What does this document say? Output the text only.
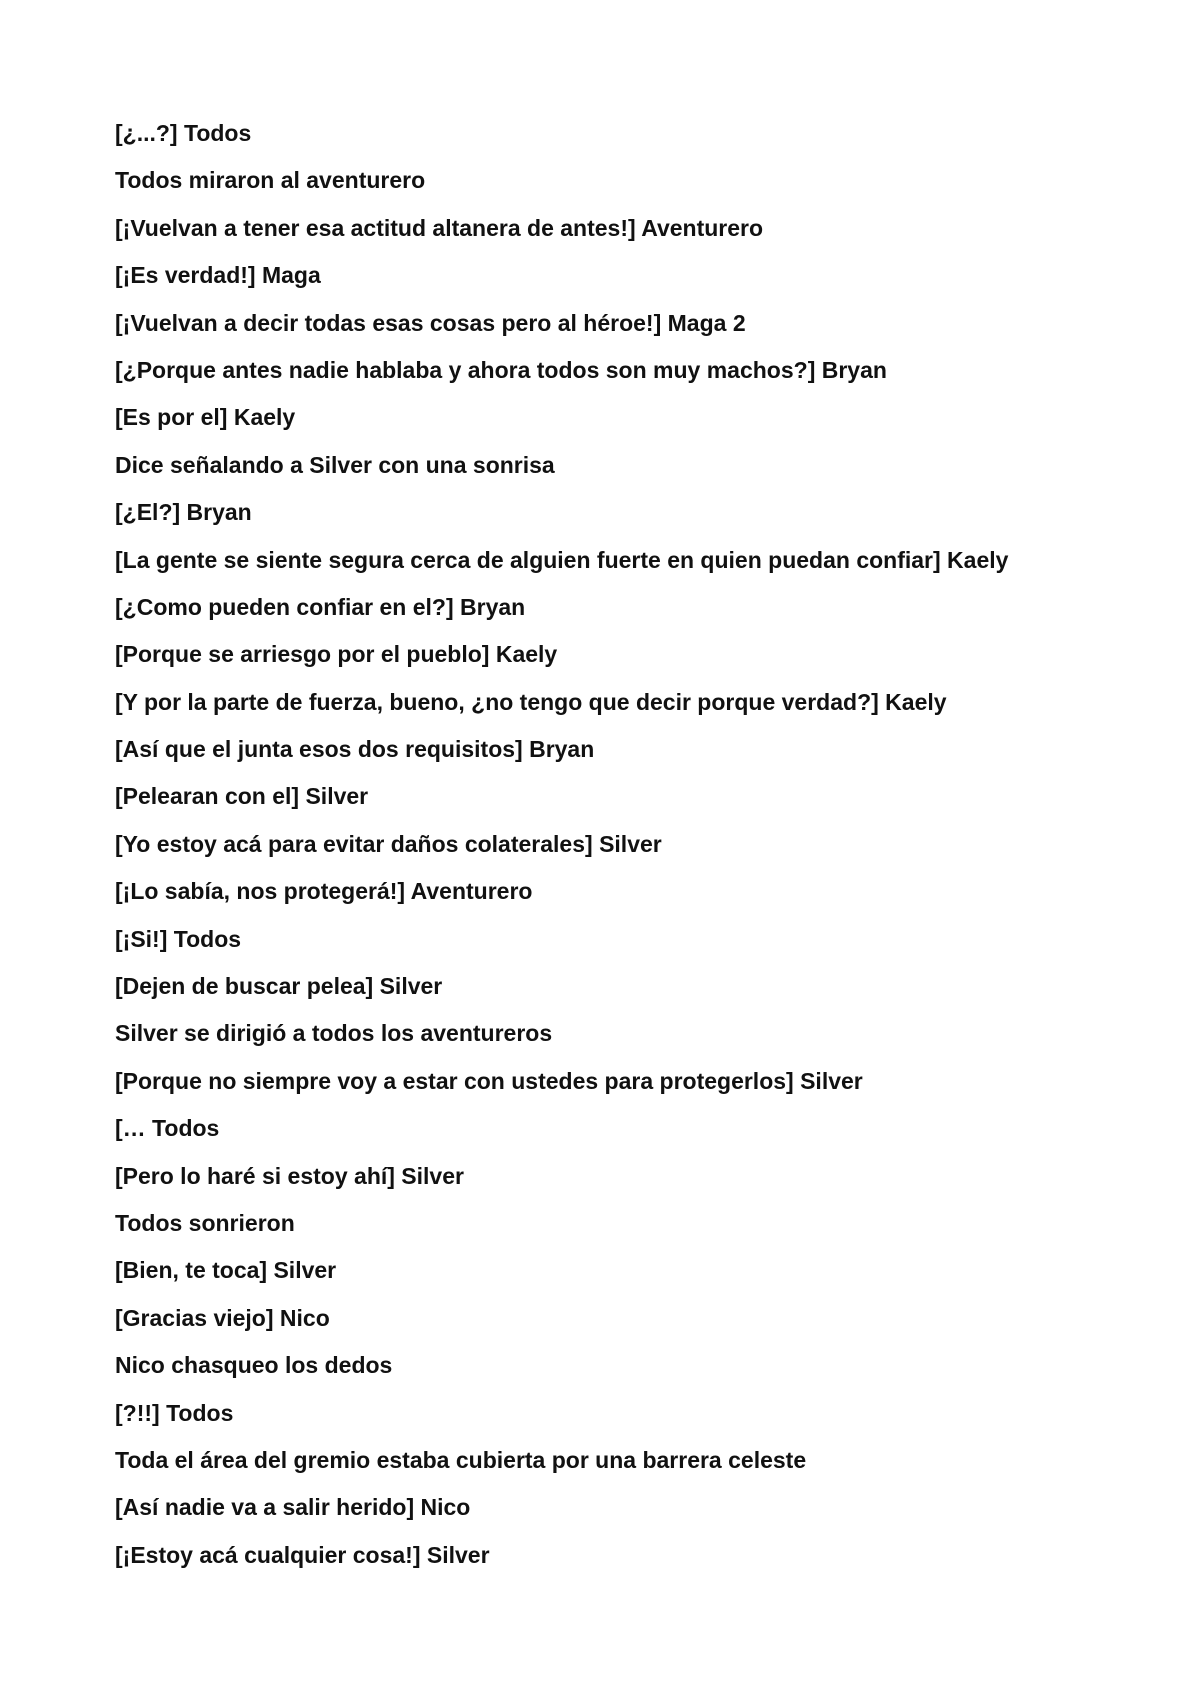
[¿...?] Todos
Todos miraron al aventurero
[¡Vuelvan a tener esa actitud altanera de antes!] Aventurero
[¡Es verdad!] Maga
[¡Vuelvan a decir todas esas cosas pero al héroe!] Maga 2
[¿Porque antes nadie hablaba y ahora todos son muy machos?] Bryan
[Es por el] Kaely
Dice señalando a Silver con una sonrisa
[¿El?] Bryan
[La gente se siente segura cerca de alguien fuerte en quien puedan confiar] Kaely
[¿Como pueden confiar en el?] Bryan
[Porque se arriesgo por el pueblo] Kaely
[Y por la parte de fuerza, bueno, ¿no tengo que decir porque verdad?] Kaely
[Así que el junta esos dos requisitos] Bryan
[Pelearan con el] Silver
[Yo estoy acá para evitar daños colaterales] Silver
[¡Lo sabía, nos protegerá!] Aventurero
[¡Si!] Todos
[Dejen de buscar pelea] Silver
Silver se dirigió a todos los aventureros
[Porque no siempre voy a estar con ustedes para protegerlos] Silver
[… Todos
[Pero lo haré si estoy ahí] Silver
Todos sonrieron
[Bien, te toca] Silver
[Gracias viejo] Nico
Nico chasqueo los dedos
[?!!] Todos
Toda el área del gremio estaba cubierta por una barrera celeste
[Así nadie va a salir herido] Nico
[¡Estoy acá cualquier cosa!] Silver
